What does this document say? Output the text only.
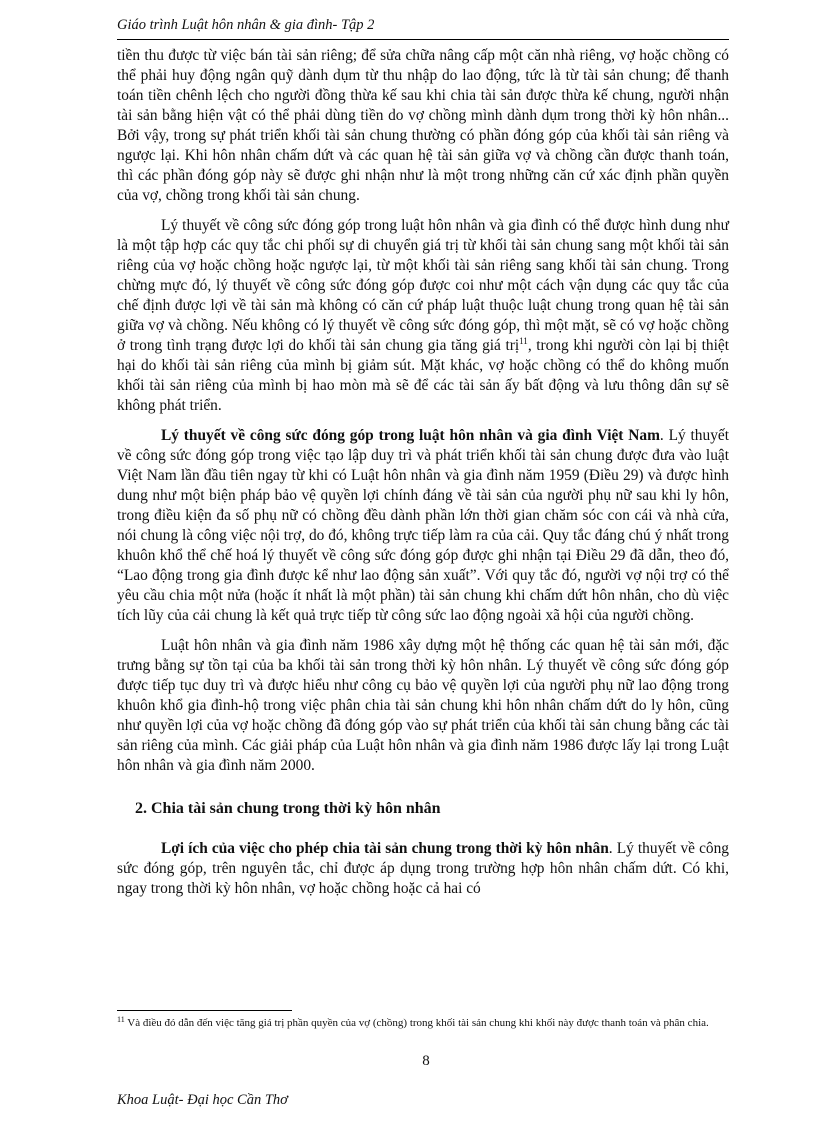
Giáo trình Luật hôn nhân & gia đình- Tập 2

tiền thu được từ việc bán tài sản riêng; để sửa chữa nâng cấp một căn nhà riêng, vợ hoặc chồng có thể phải huy động ngân quỹ dành dụm từ thu nhập do lao động, tức là từ tài sản chung; để thanh toán tiền chênh lệch cho người đồng thừa kế sau khi chia tài sản được thừa kế chung, người nhận tài sản bằng hiện vật có thể phải dùng tiền do vợ chồng mình dành dụm trong thời kỳ hôn nhân... Bởi vậy, trong sự phát triển khối tài sản chung thường có phần đóng góp của khối tài sản riêng và ngược lại. Khi hôn nhân chấm dứt và các quan hệ tài sản giữa vợ và chồng cần được thanh toán, thì các phần đóng góp này sẽ được ghi nhận như là một trong những căn cứ xác định phần quyền của vợ, chồng trong khối tài sản chung.

Lý thuyết về công sức đóng góp trong luật hôn nhân và gia đình có thể được hình dung như là một tập hợp các quy tắc chi phối sự di chuyển giá trị từ khối tài sản chung sang một khối tài sản riêng của vợ hoặc chồng hoặc ngược lại, từ một khối tài sản riêng sang khối tài sản chung. Trong chừng mực đó, lý thuyết về công sức đóng góp được coi như một cách vận dụng các quy tắc của chế định được lợi về tài sản mà không có căn cứ pháp luật thuộc luật chung trong quan hệ tài sản giữa vợ và chồng. Nếu không có lý thuyết về công sức đóng góp, thì một mặt, sẽ có vợ hoặc chồng ở trong tình trạng được lợi do khối tài sản chung gia tăng giá trị$^{11}$, trong khi người còn lại bị thiệt hại do khối tài sản riêng của mình bị giảm sút. Mặt khác, vợ hoặc chồng có thể do không muốn khối tài sản riêng của mình bị hao mòn mà sẽ để các tài sản ấy bất động và lưu thông dân sự sẽ không phát triển.

Lý thuyết về công sức đóng góp trong luật hôn nhân và gia đình Việt Nam. Lý thuyết về công sức đóng góp trong việc tạo lập duy trì và phát triển khối tài sản chung được đưa vào luật Việt Nam lần đầu tiên ngay từ khi có Luật hôn nhân và gia đình năm 1959 (Điều 29) và được hình dung như một biện pháp bảo vệ quyền lợi chính đáng về tài sản của người phụ nữ sau khi ly hôn, trong điều kiện đa số phụ nữ có chồng đều dành phần lớn thời gian chăm sóc con cái và nhà cửa, nói chung là công việc nội trợ, do đó, không trực tiếp làm ra của cải. Quy tắc đáng chú ý nhất trong khuôn khổ thể chế hoá lý thuyết về công sức đóng góp được ghi nhận tại Điều 29 đã dẫn, theo đó, “Lao động trong gia đình được kể như lao động sản xuất”. Với quy tắc đó, người vợ nội trợ có thể yêu cầu chia một nửa (hoặc ít nhất là một phần) tài sản chung khi chấm dứt hôn nhân, cho dù việc tích lũy của cải chung là kết quả trực tiếp từ công sức lao động ngoài xã hội của người chồng.

Luật hôn nhân và gia đình năm 1986 xây dựng một hệ thống các quan hệ tài sản mới, đặc trưng bằng sự tồn tại của ba khối tài sản trong thời kỳ hôn nhân. Lý thuyết về công sức đóng góp được tiếp tục duy trì và được hiểu như công cụ bảo vệ quyền lợi của người phụ nữ lao động trong khuôn khổ gia đình-hộ trong việc phân chia tài sản chung khi hôn nhân chấm dứt do ly hôn, cũng như quyền lợi của vợ hoặc chồng đã đóng góp vào sự phát triển của khối tài sản chung bằng các tài sản riêng của mình. Các giải pháp của Luật hôn nhân và gia đình năm 1986 được lấy lại trong Luật hôn nhân và gia đình năm 2000.

2. Chia tài sản chung trong thời kỳ hôn nhân

Lợi ích của việc cho phép chia tài sản chung trong thời kỳ hôn nhân. Lý thuyết về công sức đóng góp, trên nguyên tắc, chỉ được áp dụng trong trường hợp hôn nhân chấm dứt. Có khi, ngay trong thời kỳ hôn nhân, vợ hoặc chồng hoặc cả hai có

$^{11}$ Và điều đó dẫn đến việc tăng giá trị phần quyền của vợ (chồng) trong khối tài sản chung khi khối này được thanh toán và phân chia.
8
Khoa Luật- Đại học Cần Thơ
